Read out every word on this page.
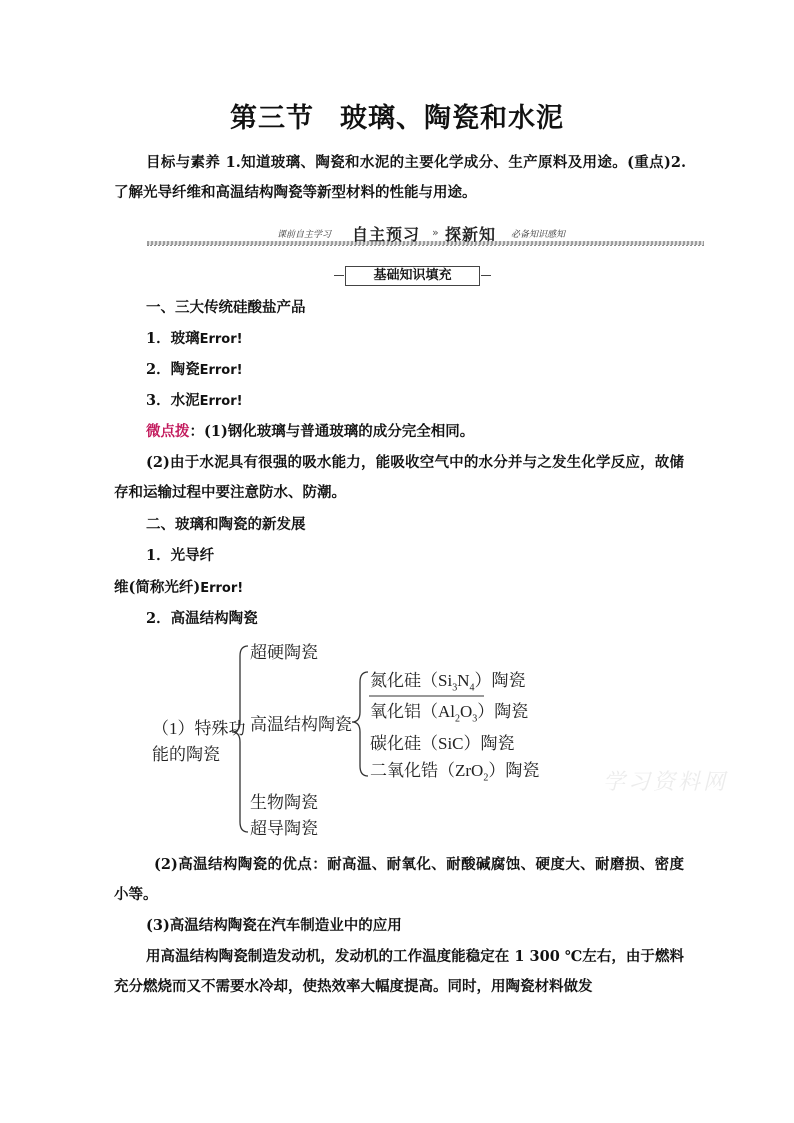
第三节 玻璃、陶瓷和水泥
目标与素养 1.知道玻璃、陶瓷和水泥的主要化学成分、生产原料及用途。(重点)2.了解光导纤维和高温结构陶瓷等新型材料的性能与用途。
课前自主学习 自主预习 » 探新知 必备知识感知
基础知识填充
一、三大传统硅酸盐产品
1．玻璃Error!
2．陶瓷Error!
3．水泥Error!
微点拨：(1)钢化玻璃与普通玻璃的成分完全相同。
(2)由于水泥具有很强的吸水能力，能吸收空气中的水分并与之发生化学反应，故储存和运输过程中要注意防水、防潮。
二、玻璃和陶瓷的新发展
1．光导纤
维(简称光纤)Error!
2．高温结构陶瓷
（1）特殊功
能的陶瓷
超硬陶瓷
高温结构陶瓷
生物陶瓷
超导陶瓷
氮化硅$(Si_3N_4)$陶瓷
氧化铝$(Al_2O_3)$陶瓷
碳化硅（SiC）陶瓷
二氧化锆（ZrO$_2$）陶瓷	学习资料网
(2)高温结构陶瓷的优点：耐高温、耐氧化、耐酸碱腐蚀、硬度大、耐磨损、密度小等。
(3)高温结构陶瓷在汽车制造业中的应用
用高温结构陶瓷制造发动机，发动机的工作温度能稳定在 1 300 ℃左右，由于燃料充分燃烧而又不需要水冷却，使热效率大幅度提高。同时，用陶瓷材料做发
